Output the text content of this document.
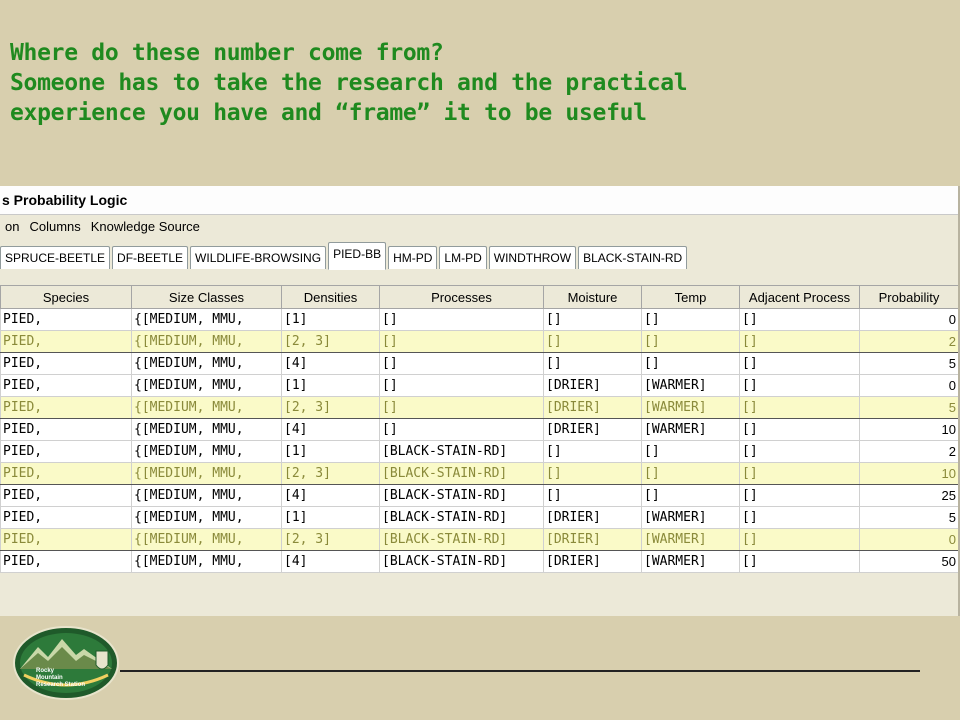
Where do these number come from?
Someone has to take the research and the practical
experience you have and “frame” it to be useful
s Probability Logic
on Columns Knowledge Source
SPRUCE-BEETLE	DF-BEETLE	WILDLIFE-BROWSING	PIED-BB	HM-PD	LM-PD	WINDTHROW	BLACK-STAIN-RD
Species	Size Classes	Densities	Processes	Moisture	Temp	Adjacent Process	Probability
PIED,	{[MEDIUM, MMU,	[1]	[]	[]	[]	[]	0
PIED,	{[MEDIUM, MMU,	[2, 3]	[]	[]	[]	[]	2
PIED,	{[MEDIUM, MMU,	[4]	[]	[]	[]	[]	5
PIED,	{[MEDIUM, MMU,	[1]	[]	[DRIER]	[WARMER]	[]	0
PIED,	{[MEDIUM, MMU,	[2, 3]	[]	[DRIER]	[WARMER]	[]	5
PIED,	{[MEDIUM, MMU,	[4]	[]	[DRIER]	[WARMER]	[]	10
PIED,	{[MEDIUM, MMU,	[1]	[BLACK-STAIN-RD]	[]	[]	[]	2
PIED,	{[MEDIUM, MMU,	[2, 3]	[BLACK-STAIN-RD]	[]	[]	[]	10
PIED,	{[MEDIUM, MMU,	[4]	[BLACK-STAIN-RD]	[]	[]	[]	25
PIED,	{[MEDIUM, MMU,	[1]	[BLACK-STAIN-RD]	[DRIER]	[WARMER]	[]	5
PIED,	{[MEDIUM, MMU,	[2, 3]	[BLACK-STAIN-RD]	[DRIER]	[WARMER]	[]	0
PIED,	{[MEDIUM, MMU,	[4]	[BLACK-STAIN-RD]	[DRIER]	[WARMER]	[]	50
Rocky
Mountain
Research Station
